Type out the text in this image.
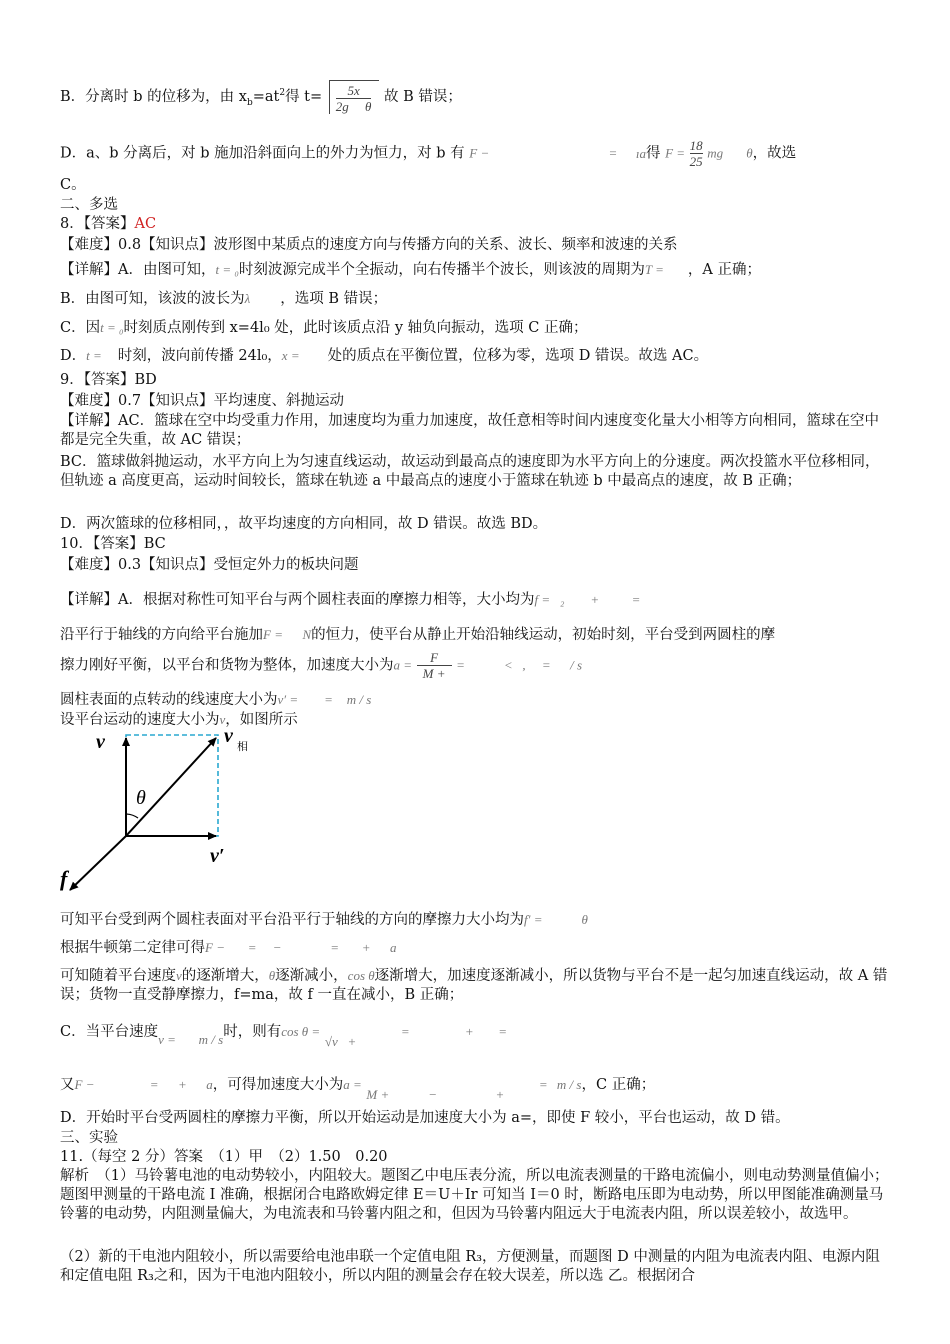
B．分离时 b 的位移为，由 $x_b=at^2$得 $t= \frac{5x}{\text{2g θ}}$ 故 B 错误；
D．a、b 分离后，对 b 施加沿斜面向上的外力为恒力，对 b 有 F −	= ıa得 $F = \frac{18}{25}$ mg θ，故选
C。
二、多选
8．【答案】AC
【难度】0.8【知识点】波形图中某质点的速度方向与传播方向的关系、波长、频率和波速的关系
【详解】A．由图可知，t = ₀时刻波源完成半个全振动，向右传播半个波长，则该波的周期为T = ，A 正确；
B．由图可知，该波的波长为λ ，选项 B 错误；
C．因t = ₀时刻质点刚传到 x=4l₀ 处，此时该质点沿 y 轴负向振动，选项 C 正确；
D．t = 时刻，波向前传播 24l₀，x = 处的质点在平衡位置，位移为零，选项 D 错误。故选 AC。
9．【答案】BD
【难度】0.7【知识点】平均速度、斜抛运动
【详解】AC．篮球在空中均受重力作用，加速度均为重力加速度，故任意相等时间内速度变化量大小相等方向相同，篮球在空中都是完全失重，故 AC 错误；
BC．篮球做斜抛运动，水平方向上为匀速直线运动，故运动到最高点的速度即为水平方向上的分速度。两次投篮水平位移相同，但轨迹 a 高度更高，运动时间较长，篮球在轨迹 a 中最高点的速度小于篮球在轨迹 b 中最高点的速度，故 B 正确；
D．两次篮球的位移相同，，故平均速度的方向相同，故 D 错误。故选 BD。
10．【答案】BC
【难度】0.3【知识点】受恒定外力的板块问题
【详解】A．根据对称性可知平台与两个圆柱表面的摩擦力相等，大小均为f =   ₂        +          =
沿平行于轴线的方向给平台施加F =      N的恒力，使平台从静止开始沿轴线运动，初始时刻，平台受到两圆柱的摩
擦力刚好平衡，以平台和货物为整体，加速度大小为$a = \frac{F}{M +}$ =            <   ,     =      / s
圆柱表面的点转动的线速度大小为v′ =        = m / s
设平台运动的速度大小为v，如图所示
v	v 相
θ
v′
f
可知平台受到两个圆柱表面对平台沿平行于轴线的方向的摩擦力大小均为f′ =            θ
根据牛顿第二定律可得F −       =     −               =       +      a
可知随着平台速度v的逐渐增大，θ逐渐减小，cos θ逐渐增大，加速度逐渐减小，所以货物与平台不是一起匀加速直线运动，故 A 错误；货物一直受静摩擦力，f=ma，故 f 一直在减小，B 正确；
C．当平台速度v =       m / s时，则有cos θ = √v   + =                 + =
又F −                 =      +      a，可得加速度大小为a = M +            −                  + = m / s，C 正确；
D．开始时平台受两圆柱的摩擦力平衡，所以开始运动是加速度大小为 a=，即使 F 较小，平台也运动，故 D 错。
三、实验
11.（每空 2 分）答案　（1）甲　（2）1.50　0.20
解析　（1）马铃薯电池的电动势较小，内阻较大。题图乙中电压表分流，所以电流表测量的干路电流偏小，则电动势测量值偏小；题图甲测量的干路电流 I 准确，根据闭合电路欧姆定律 E＝U＋Ir 可知当 I＝0 时，断路电压即为电动势，所以甲图能准确测量马铃薯的电动势，内阻测量偏大，为电流表和马铃薯内阻之和，但因为马铃薯内阻远大于电流表内阻，所以误差较小，故选甲。
（2）新的干电池内阻较小，所以需要给电池串联一个定值电阻 R₃，方便测量，而题图 D 中测量的内阻为电流表内阻、电源内阻和定值电阻 R₃之和，因为干电池内阻较小，所以内阻的测量会存在较大误差，所以选 乙。根据闭合
